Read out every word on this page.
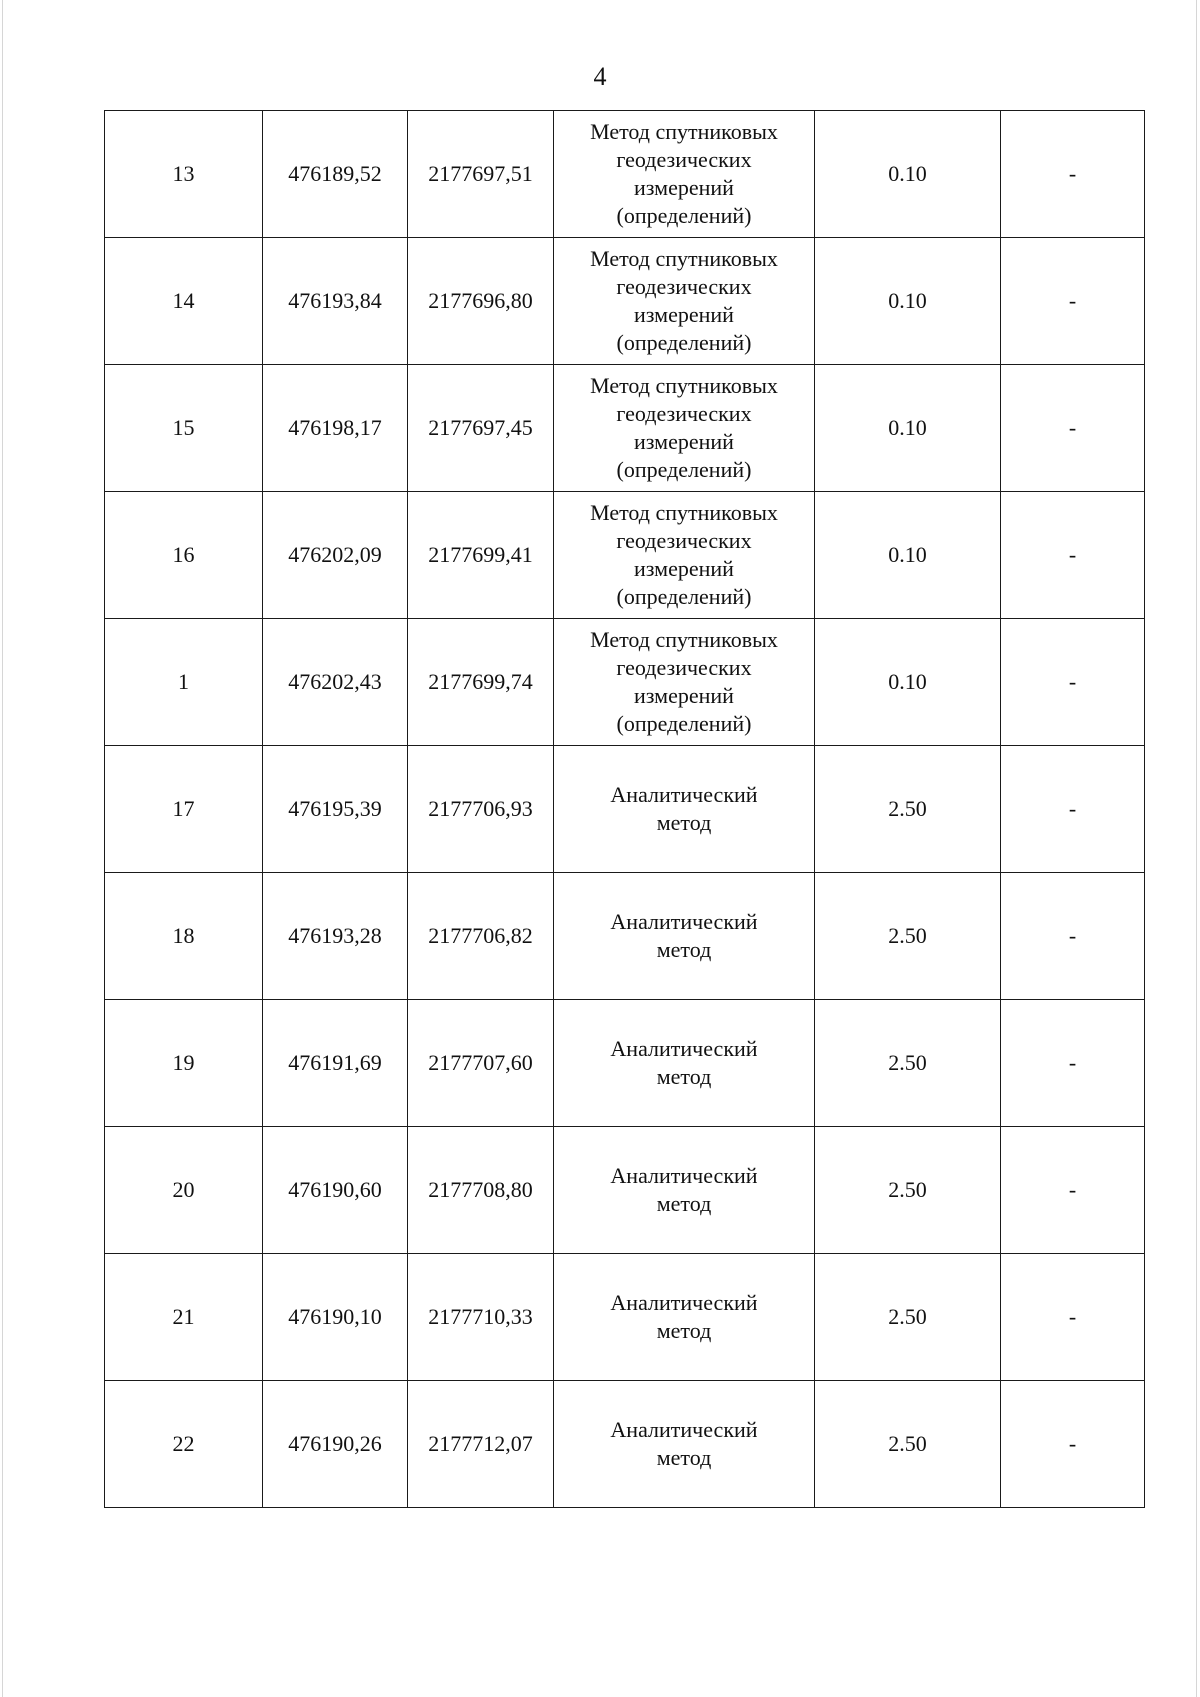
4
13	476189,52	2177697,51	Метод спутниковых
геодезических
измерений
(определений)	0.10	-
14	476193,84	2177696,80	Метод спутниковых
геодезических
измерений
(определений)	0.10	-
15	476198,17	2177697,45	Метод спутниковых
геодезических
измерений
(определений)	0.10	-
16	476202,09	2177699,41	Метод спутниковых
геодезических
измерений
(определений)	0.10	-
1	476202,43	2177699,74	Метод спутниковых
геодезических
измерений
(определений)	0.10	-
17	476195,39	2177706,93	Аналитический
метод	2.50	-
18	476193,28	2177706,82	Аналитический
метод	2.50	-
19	476191,69	2177707,60	Аналитический
метод	2.50	-
20	476190,60	2177708,80	Аналитический
метод	2.50	-
21	476190,10	2177710,33	Аналитический
метод	2.50	-
22	476190,26	2177712,07	Аналитический
метод	2.50	-
